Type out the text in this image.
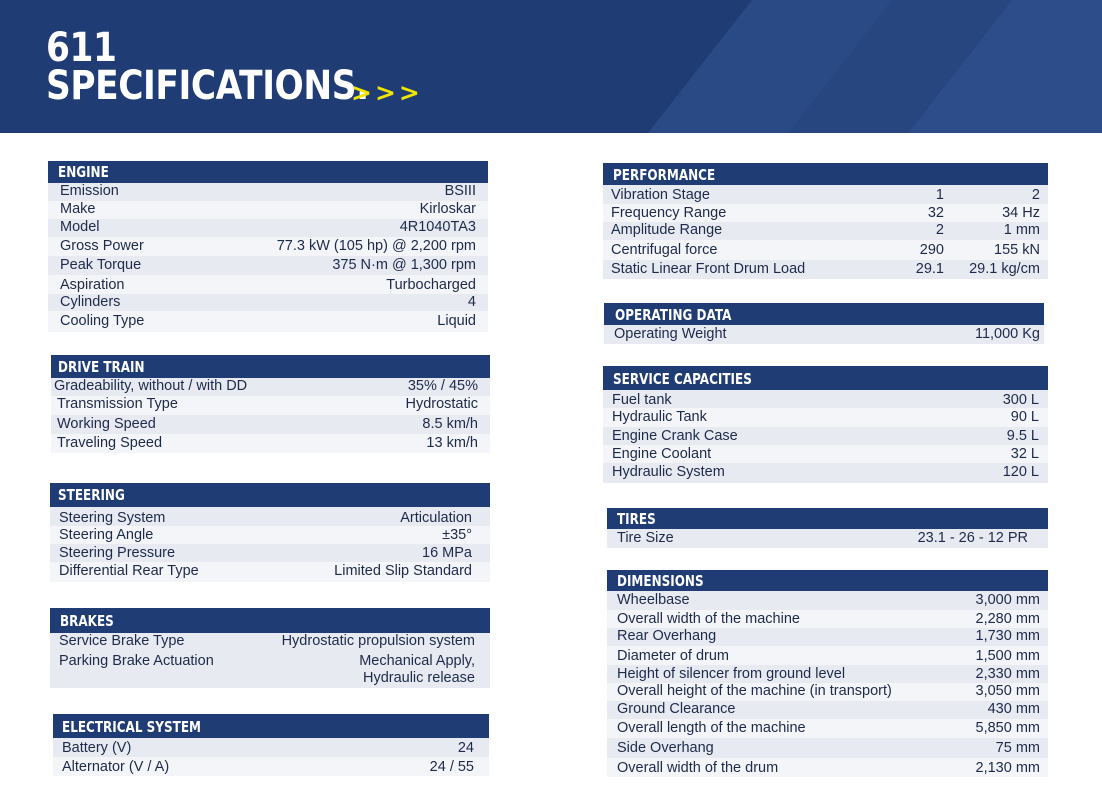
611
SPECIFICATIONS.
>>>
ENGINE
Emission	BSIII
Make	Kirloskar
Model	4R1040TA3
Gross Power	77.3 kW (105 hp) @ 2,200 rpm
Peak Torque	375 N·m @ 1,300 rpm
Aspiration	Turbocharged
Cylinders	4
Cooling Type	Liquid
DRIVE TRAIN
Gradeability, without / with DD	35% / 45%
Transmission Type	Hydrostatic
Working Speed	8.5 km/h
Traveling Speed	13 km/h
STEERING
Steering System	Articulation
Steering Angle	±35°
Steering Pressure	16 MPa
Differential Rear Type	Limited Slip Standard
BRAKES
Service Brake Type	Hydrostatic propulsion system
Parking Brake Actuation	Mechanical Apply,
Hydraulic release
ELECTRICAL SYSTEM
Battery (V)	24
Alternator (V / A)	24 / 55
PERFORMANCE
Vibration Stage	1	2
Frequency Range	32	34 Hz
Amplitude Range	2	1 mm
Centrifugal force	290	155 kN
Static Linear Front Drum Load	29.1	29.1 kg/cm
OPERATING DATA
Operating Weight	11,000 Kg
SERVICE CAPACITIES
Fuel tank	300 L
Hydraulic Tank	90 L
Engine Crank Case	9.5 L
Engine Coolant	32 L
Hydraulic System	120 L
TIRES
Tire Size	23.1 - 26 - 12 PR
DIMENSIONS
Wheelbase	3,000 mm
Overall width of the machine	2,280 mm
Rear Overhang	1,730 mm
Diameter of drum	1,500 mm
Height of silencer from ground level	2,330 mm
Overall height of the machine (in transport)	3,050 mm
Ground Clearance	430 mm
Overall length of the machine	5,850 mm
Side Overhang	75 mm
Overall width of the drum	2,130 mm
